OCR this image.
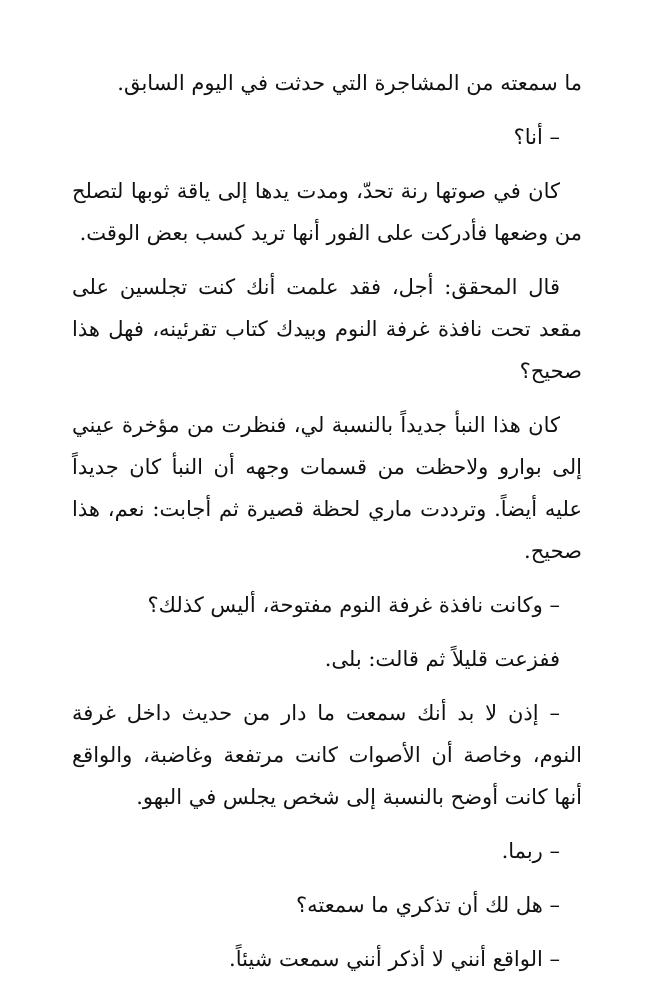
ما سمعته من المشاجرة التي حدثت في اليوم السابق.

– أنا؟

كان في صوتها رنة تحدّ، ومدت يدها إلى ياقة ثوبها لتصلح من وضعها فأدركت على الفور أنها تريد كسب بعض الوقت.

قال المحقق: أجل، فقد علمت أنك كنت تجلسين على مقعد تحت نافذة غرفة النوم وبيدك كتاب تقرئينه، فهل هذا صحيح؟

كان هذا النبأ جديداً بالنسبة لي، فنظرت من مؤخرة عيني إلى بوارو ولاحظت من قسمات وجهه أن النبأ كان جديداً عليه أيضاً. وترددت ماري لحظة قصيرة ثم أجابت: نعم، هذا صحيح.

– وكانت نافذة غرفة النوم مفتوحة، أليس كذلك؟

ففزعت قليلاً ثم قالت: بلى.

– إذن لا بد أنك سمعت ما دار من حديث داخل غرفة النوم، وخاصة أن الأصوات كانت مرتفعة وغاضبة، والواقع أنها كانت أوضح بالنسبة إلى شخص يجلس في البهو.

– ربما.

– هل لك أن تذكري ما سمعته؟

– الواقع أنني لا أذكر أنني سمعت شيئاً.
